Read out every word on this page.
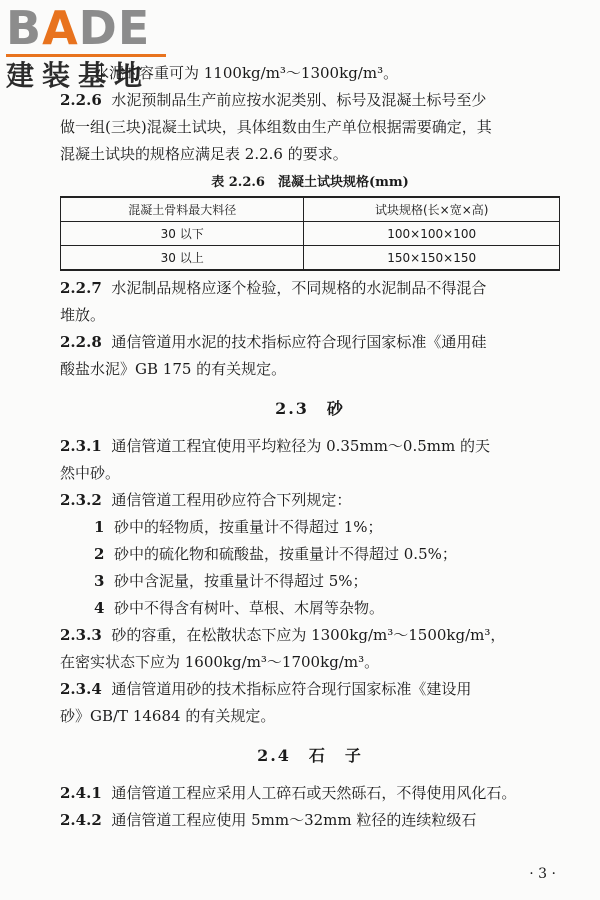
BADE
建装基地
水泥的容重可为 1100kg/m³～1300kg/m³。
2.2.6 水泥预制品生产前应按水泥类别、标号及混凝土标号至少
做一组(三块)混凝土试块，具体组数由生产单位根据需要确定，其
混凝土试块的规格应满足表 2.2.6 的要求。
表 2.2.6　混凝土试块规格(mm)
混凝土骨料最大料径	试块规格(长×宽×高)
30 以下	100×100×100
30 以上	150×150×150
2.2.7 水泥制品规格应逐个检验，不同规格的水泥制品不得混合
堆放。
2.2.8 通信管道用水泥的技术指标应符合现行国家标准《通用硅
酸盐水泥》GB 175 的有关规定。
2.3　砂
2.3.1 通信管道工程宜使用平均粒径为 0.35mm～0.5mm 的天
然中砂。
2.3.2 通信管道工程用砂应符合下列规定：
1 砂中的轻物质，按重量计不得超过 1%；
2 砂中的硫化物和硫酸盐，按重量计不得超过 0.5%；
3 砂中含泥量，按重量计不得超过 5%；
4 砂中不得含有树叶、草根、木屑等杂物。
2.3.3 砂的容重，在松散状态下应为 1300kg/m³～1500kg/m³，
在密实状态下应为 1600kg/m³～1700kg/m³。
2.3.4 通信管道用砂的技术指标应符合现行国家标准《建设用
砂》GB/T 14684 的有关规定。
2.4　石　子
2.4.1 通信管道工程应采用人工碎石或天然砾石，不得使用风化石。
2.4.2 通信管道工程应使用 5mm～32mm 粒径的连续粒级石
· 3 ·
